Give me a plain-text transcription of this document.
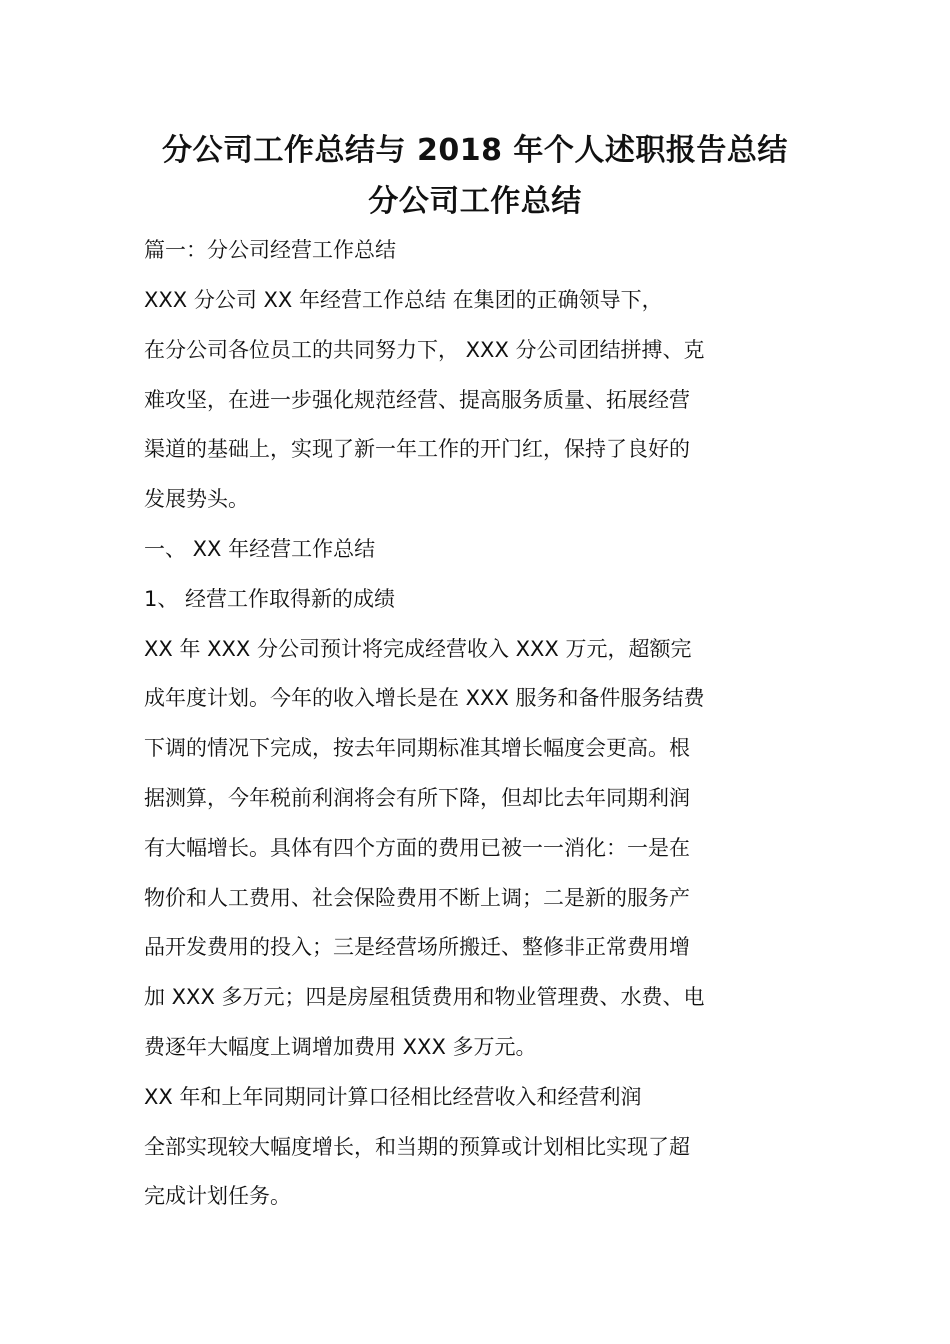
分公司工作总结与 2018 年个人述职报告总结
分公司工作总结
篇一：分公司经营工作总结
XXX 分公司 XX 年经营工作总结 在集团的正确领导下，
在分公司各位员工的共同努力下， XXX 分公司团结拼搏、克
难攻坚，在进一步强化规范经营、提高服务质量、拓展经营
渠道的基础上，实现了新一年工作的开门红，保持了良好的
发展势头。
一、 XX 年经营工作总结
1、 经营工作取得新的成绩
XX 年 XXX 分公司预计将完成经营收入 XXX 万元，超额完
成年度计划。今年的收入增长是在 XXX 服务和备件服务结费
下调的情况下完成，按去年同期标准其增长幅度会更高。根
据测算，今年税前利润将会有所下降，但却比去年同期利润
有大幅增长。具体有四个方面的费用已被一一消化：一是在
物价和人工费用、社会保险费用不断上调；二是新的服务产
品开发费用的投入；三是经营场所搬迁、整修非正常费用增
加 XXX 多万元；四是房屋租赁费用和物业管理费、水费、电
费逐年大幅度上调增加费用 XXX 多万元。
XX 年和上年同期同计算口径相比经营收入和经营利润
全部实现较大幅度增长，和当期的预算或计划相比实现了超
完成计划任务。
